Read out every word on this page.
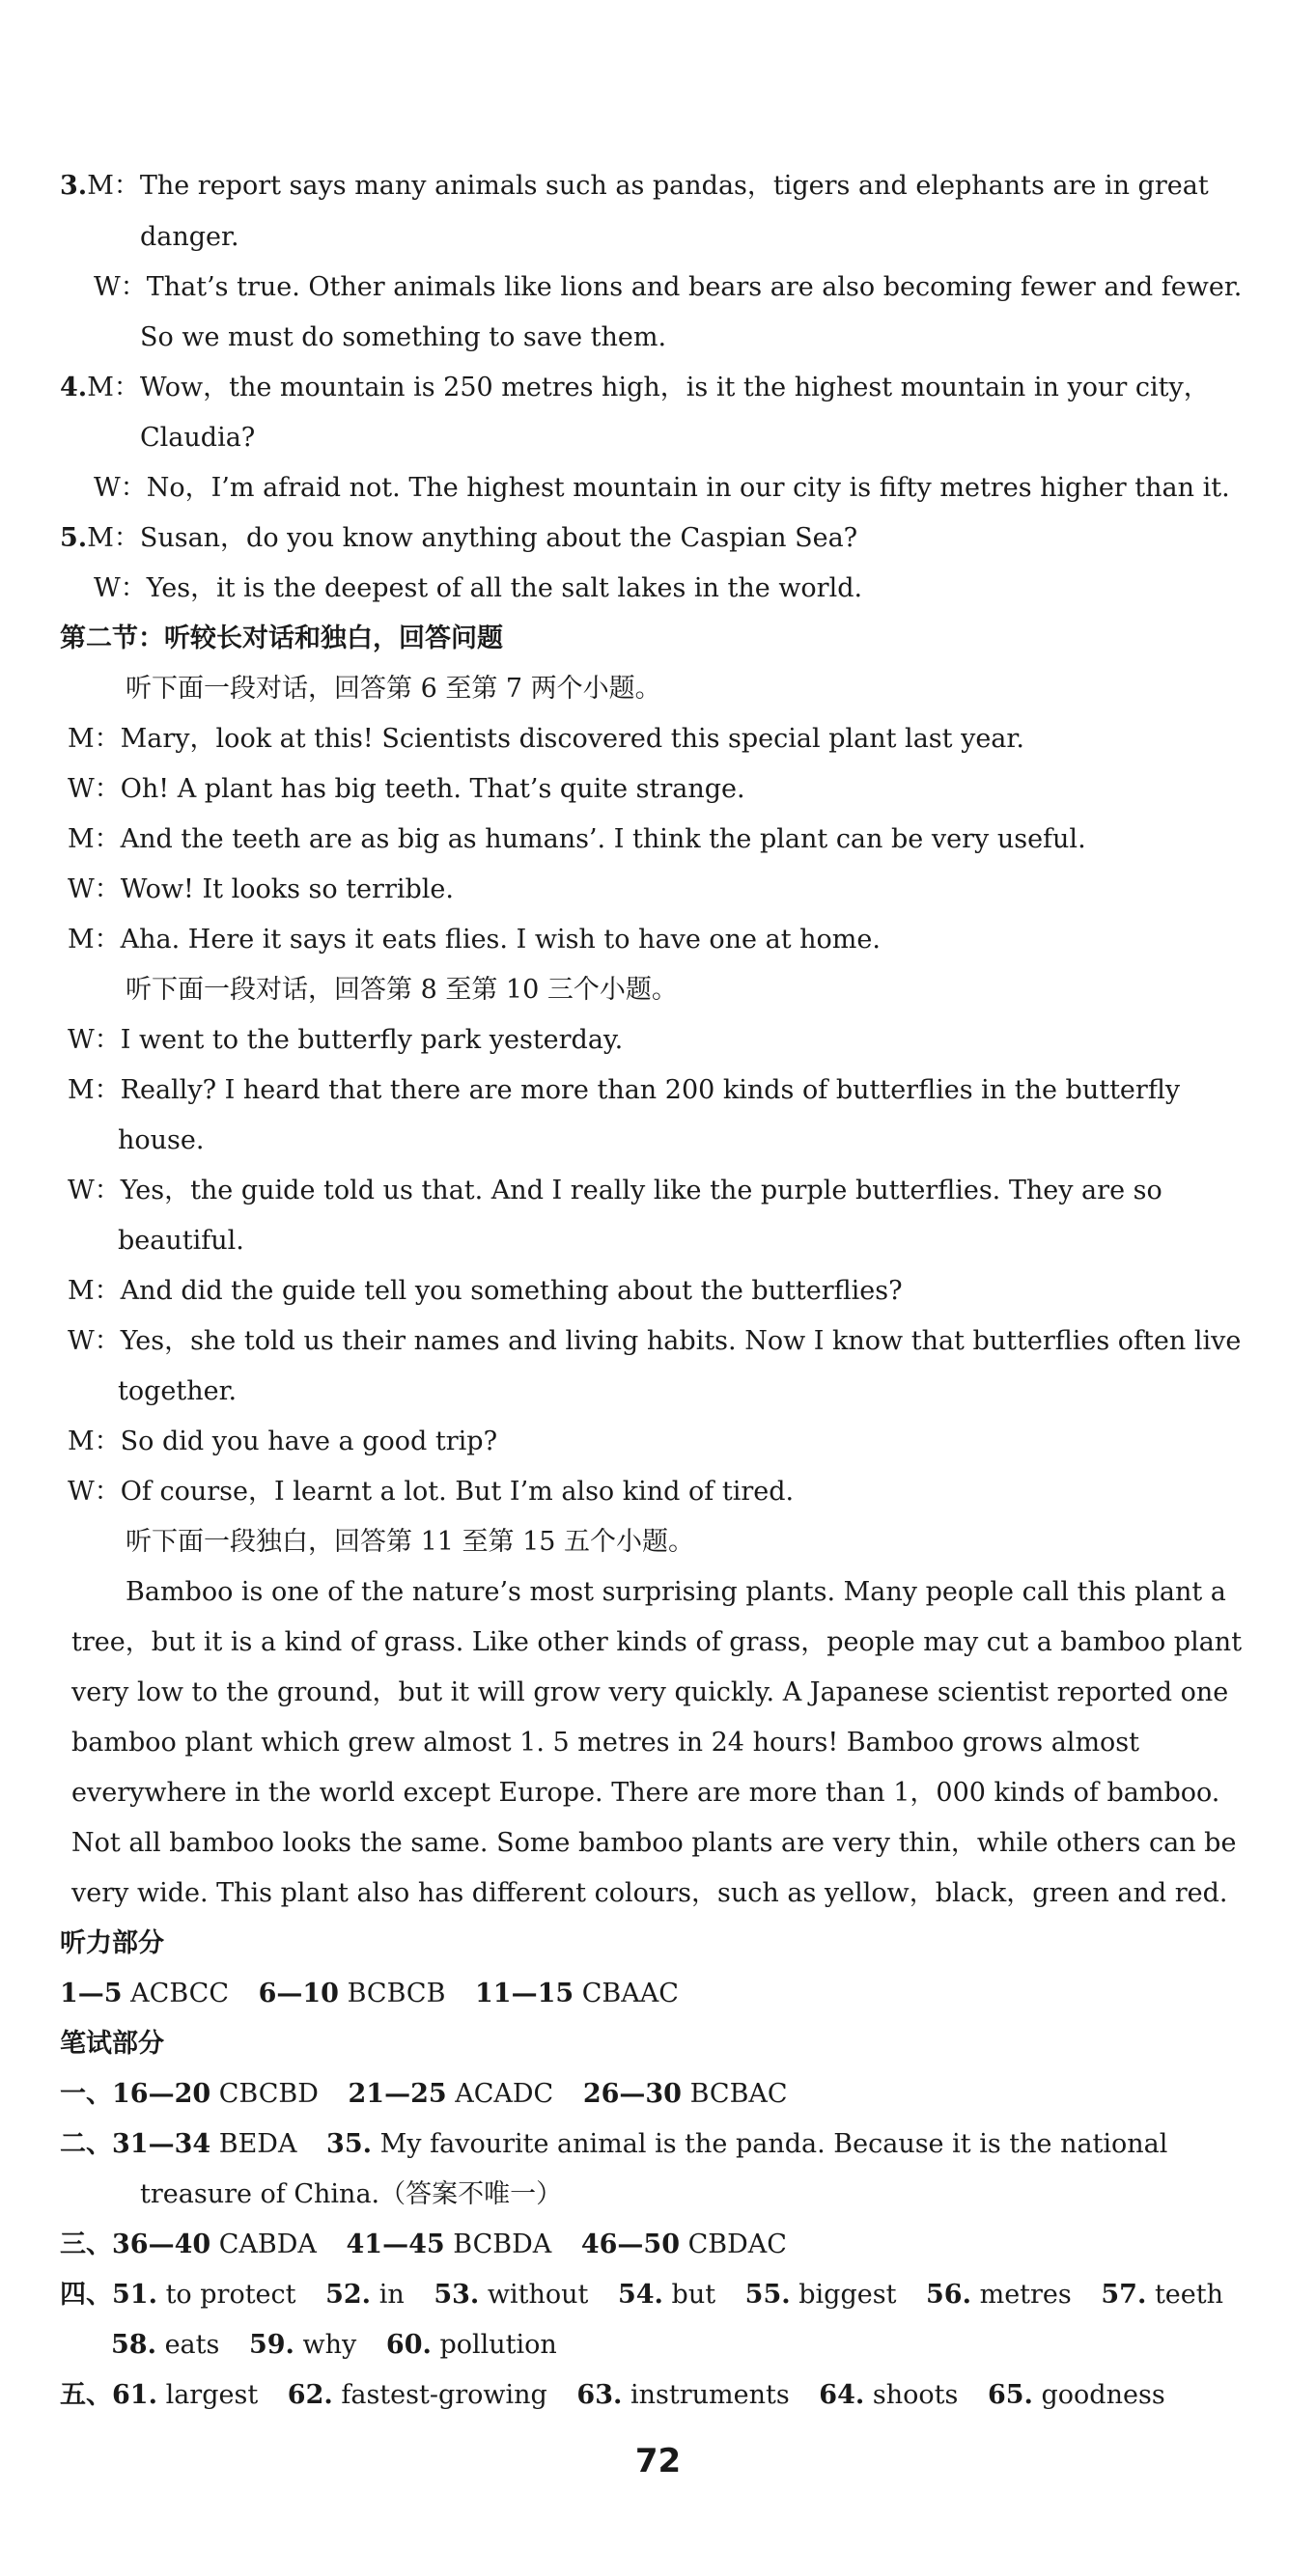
3.M：The report says many animals such as pandas，tigers and elephants are in great
danger.
W：That’s true. Other animals like lions and bears are also becoming fewer and fewer.
So we must do something to save them.
4.M：Wow，the mountain is 250 metres high，is it the highest mountain in your city，
Claudia?
W：No，I’m afraid not. The highest mountain in our city is fifty metres higher than it.
5.M：Susan，do you know anything about the Caspian Sea?
W：Yes，it is the deepest of all the salt lakes in the world.
第二节：听较长对话和独白，回答问题
听下面一段对话，回答第 6 至第 7 两个小题。
M：Mary，look at this! Scientists discovered this special plant last year.
W：Oh! A plant has big teeth. That’s quite strange.
M：And the teeth are as big as humans’. I think the plant can be very useful.
W：Wow! It looks so terrible.
M：Aha. Here it says it eats flies. I wish to have one at home.
听下面一段对话，回答第 8 至第 10 三个小题。
W：I went to the butterfly park yesterday.
M：Really? I heard that there are more than 200 kinds of butterflies in the butterfly
house.
W：Yes，the guide told us that. And I really like the purple butterflies. They are so
beautiful.
M：And did the guide tell you something about the butterflies?
W：Yes，she told us their names and living habits. Now I know that butterflies often live
together.
M：So did you have a good trip?
W：Of course，I learnt a lot. But I’m also kind of tired.
听下面一段独白，回答第 11 至第 15 五个小题。
Bamboo is one of the nature’s most surprising plants. Many people call this plant a
tree，but it is a kind of grass. Like other kinds of grass，people may cut a bamboo plant
very low to the ground，but it will grow very quickly. A Japanese scientist reported one
bamboo plant which grew almost 1. 5 metres in 24 hours! Bamboo grows almost
everywhere in the world except Europe. There are more than 1，000 kinds of bamboo.
Not all bamboo looks the same. Some bamboo plants are very thin，while others can be
very wide. This plant also has different colours，such as yellow，black，green and red.
听力部分
1—5 ACBCC 6—10 BCBCB 11—15 CBAAC
笔试部分
一、16—20 CBCBD 21—25 ACADC 26—30 BCBAC
二、31—34 BEDA 35. My favourite animal is the panda. Because it is the national
treasure of China.（答案不唯一）
三、36—40 CABDA 41—45 BCBDA 46—50 CBDAC
四、51. to protect 52. in 53. without 54. but 55. biggest 56. metres 57. teeth
58. eats 59. why 60. pollution
五、61. largest 62. fastest-growing 63. instruments 64. shoots 65. goodness
72
